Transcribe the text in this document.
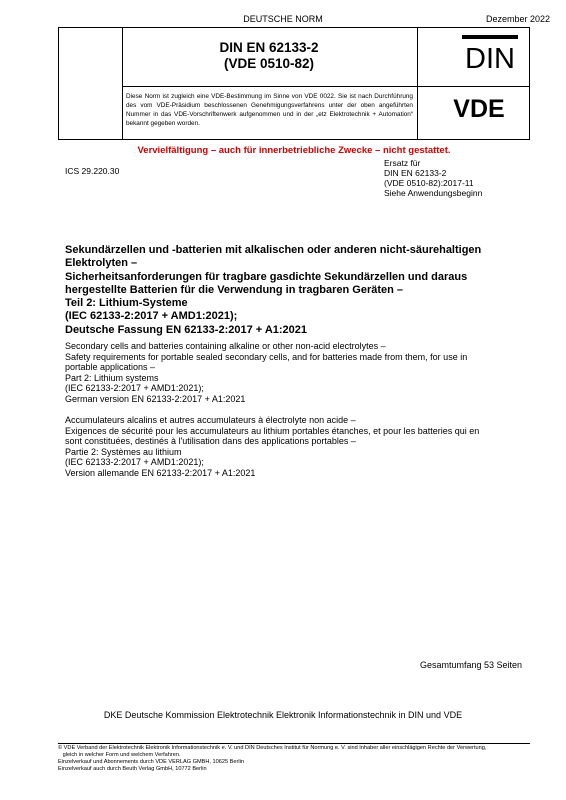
DEUTSCHE NORM	Dezember 2022
DIN EN 62133-2
(VDE 0510-82)	DIN
Diese Norm ist zugleich eine VDE-Bestimmung im Sinne von VDE 0022. Sie ist nach Durchführung des vom VDE-Präsidium beschlossenen Genehmigungsverfahrens unter der oben angeführten Nummer in das VDE-Vorschriftenwerk aufgenommen und in der „etz Elektrotechnik + Automation“ bekannt gegeben worden.
VDE
Vervielfältigung – auch für innerbetriebliche Zwecke – nicht gestattet.
ICS 29.220.30
Ersatz für
DIN EN 62133-2
(VDE 0510-82):2017-11
Siehe Anwendungsbeginn
Sekundärzellen und -batterien mit alkalischen oder anderen nicht-säurehaltigen
Elektrolyten –
Sicherheitsanforderungen für tragbare gasdichte Sekundärzellen und daraus
hergestellte Batterien für die Verwendung in tragbaren Geräten –
Teil 2: Lithium-Systeme
(IEC 62133-2:2017 + AMD1:2021);
Deutsche Fassung EN 62133-2:2017 + A1:2021
Secondary cells and batteries containing alkaline or other non-acid electrolytes –
Safety requirements for portable sealed secondary cells, and for batteries made from them, for use in
portable applications –
Part 2: Lithium systems
(IEC 62133-2:2017 + AMD1:2021);
German version EN 62133-2:2017 + A1:2021
Accumulateurs alcalins et autres accumulateurs à électrolyte non acide –
Exigences de sécurité pour les accumulateurs au lithium portables étanches, et pour les batteries qui en
sont constituées, destinés à l'utilisation dans des applications portables –
Partie 2: Systèmes au lithium
(IEC 62133-2:2017 + AMD1:2021);
Version allemande EN 62133-2:2017 + A1:2021
Gesamtumfang 53 Seiten
DKE Deutsche Kommission Elektrotechnik Elektronik Informationstechnik in DIN und VDE
© VDE Verband der Elektrotechnik Elektronik Informationstechnik e. V. und DIN Deutsches Institut für Normung e. V. sind Inhaber aller einschlägigen Rechte der Verwertung,
gleich in welcher Form und welchem Verfahren.
Einzelverkauf und Abonnements durch VDE VERLAG GMBH, 10625 Berlin
Einzelverkauf auch durch Beuth Verlag GmbH, 10772 Berlin
